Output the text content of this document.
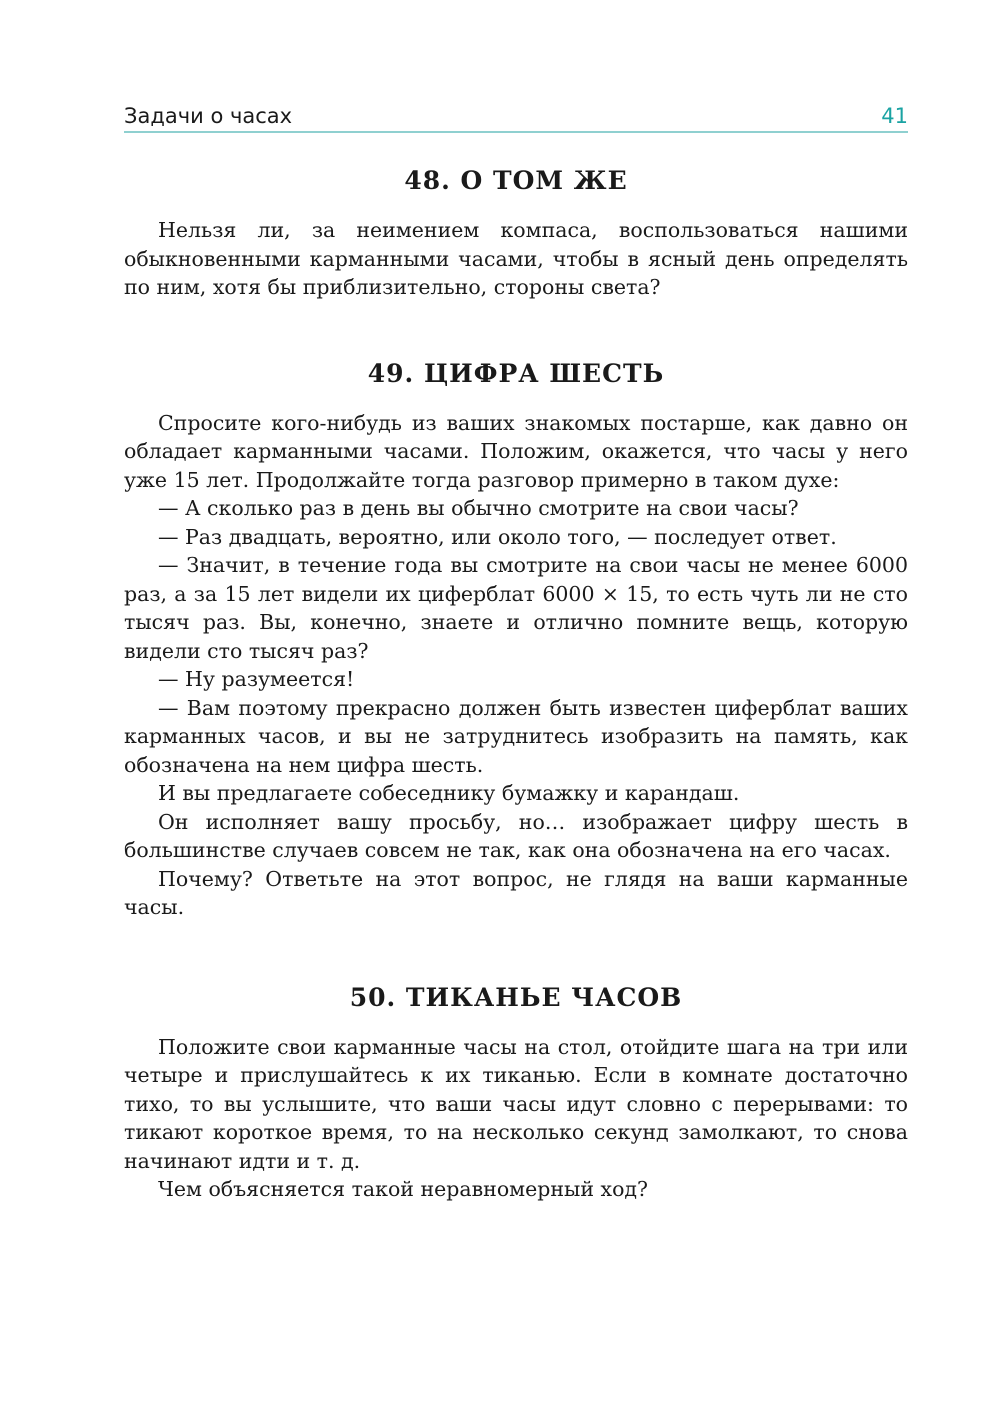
Задачи о часах	41
48. О ТОМ ЖЕ

Нельзя ли, за неимением компаса, воспользоваться нашими обыкновенными карманными часами, чтобы в ясный день определять по ним, хотя бы приблизительно, стороны света?

49. ЦИФРА ШЕСТЬ

Спросите кого-нибудь из ваших знакомых постарше, как давно он обладает карманными часами. Положим, окажется, что часы у него уже 15 лет. Продолжайте тогда разговор примерно в таком духе:

— А сколько раз в день вы обычно смотрите на свои часы?

— Раз двадцать, вероятно, или около того, — последует ответ.

— Значит, в течение года вы смотрите на свои часы не менее 6000 раз, а за 15 лет видели их циферблат 6000 × 15, то есть чуть ли не сто тысяч раз. Вы, конечно, знаете и отлично помните вещь, которую видели сто тысяч раз?

— Ну разумеется!

— Вам поэтому прекрасно должен быть известен циферблат ваших карманных часов, и вы не затруднитесь изобразить на память, как обозначена на нем цифра шесть.

И вы предлагаете собеседнику бумажку и карандаш.

Он исполняет вашу просьбу, но… изображает цифру шесть в большинстве случаев совсем не так, как она обозначена на его часах.

Почему? Ответьте на этот вопрос, не глядя на ваши карманные часы.

50. ТИКАНЬЕ ЧАСОВ

Положите свои карманные часы на стол, отойдите шага на три или четыре и прислушайтесь к их тиканью. Если в комнате достаточно тихо, то вы услышите, что ваши часы идут словно с перерывами: то тикают короткое время, то на несколько секунд замолкают, то снова начинают идти и т. д.

Чем объясняется такой неравномерный ход?
